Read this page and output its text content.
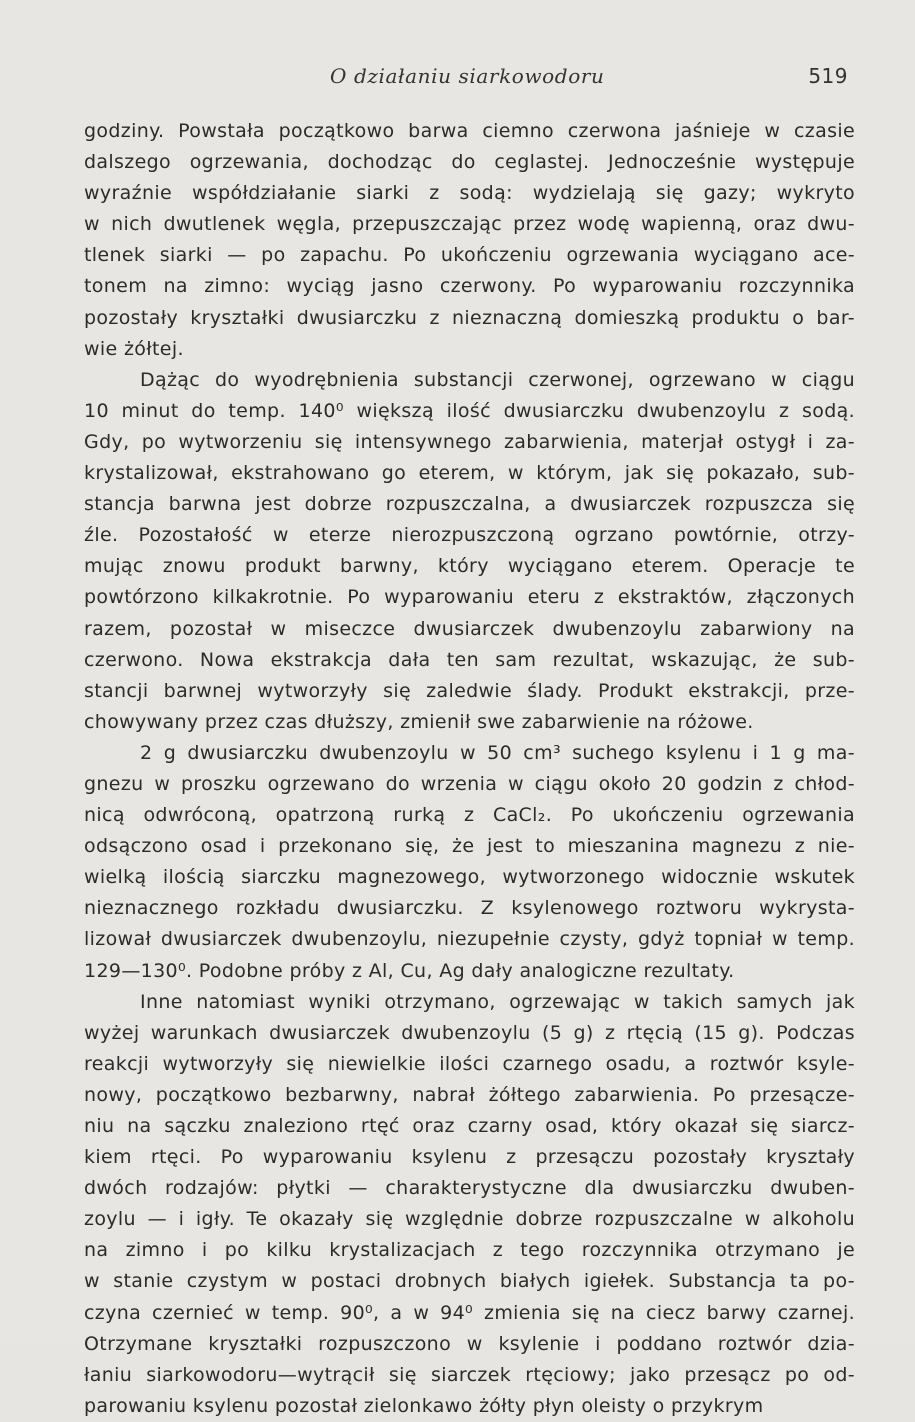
O działaniu siarkowodoru	519
godziny. Powstała początkowo barwa ciemno czerwona jaśnieje w czasie
dalszego ogrzewania, dochodząc do ceglastej. Jednocześnie występuje
wyraźnie współdziałanie siarki z sodą: wydzielają się gazy; wykryto
w nich dwutlenek węgla, przepuszczając przez wodę wapienną, oraz dwu-
tlenek siarki — po zapachu. Po ukończeniu ogrzewania wyciągano ace-
tonem na zimno: wyciąg jasno czerwony. Po wyparowaniu rozczynnika
pozostały kryształki dwusiarczku z nieznaczną domieszką produktu o bar-
wie żółtej.
Dążąc do wyodrębnienia substancji czerwonej, ogrzewano w ciągu
10 minut do temp. 140⁰ większą ilość dwusiarczku dwubenzoylu z sodą.
Gdy, po wytworzeniu się intensywnego zabarwienia, materjał ostygł i za-
krystalizował, ekstrahowano go eterem, w którym, jak się pokazało, sub-
stancja barwna jest dobrze rozpuszczalna, a dwusiarczek rozpuszcza się
źle. Pozostałość w eterze nierozpuszczoną ogrzano powtórnie, otrzy-
mując znowu produkt barwny, który wyciągano eterem. Operacje te
powtórzono kilkakrotnie. Po wyparowaniu eteru z ekstraktów, złączonych
razem, pozostał w miseczce dwusiarczek dwubenzoylu zabarwiony na
czerwono. Nowa ekstrakcja dała ten sam rezultat, wskazując, że sub-
stancji barwnej wytworzyły się zaledwie ślady. Produkt ekstrakcji, prze-
chowywany przez czas dłuższy, zmienił swe zabarwienie na różowe.
2 g dwusiarczku dwubenzoylu w 50 cm³ suchego ksylenu i 1 g ma-
gnezu w proszku ogrzewano do wrzenia w ciągu około 20 godzin z chłod-
nicą odwróconą, opatrzoną rurką z CaCl₂. Po ukończeniu ogrzewania
odsączono osad i przekonano się, że jest to mieszanina magnezu z nie-
wielką ilością siarczku magnezowego, wytworzonego widocznie wskutek
nieznacznego rozkładu dwusiarczku. Z ksylenowego roztworu wykrysta-
lizował dwusiarczek dwubenzoylu, niezupełnie czysty, gdyż topniał w temp.
129—130⁰. Podobne próby z Al, Cu, Ag dały analogiczne rezultaty.
Inne natomiast wyniki otrzymano, ogrzewając w takich samych jak
wyżej warunkach dwusiarczek dwubenzoylu (5 g) z rtęcią (15 g). Podczas
reakcji wytworzyły się niewielkie ilości czarnego osadu, a roztwór ksyle-
nowy, początkowo bezbarwny, nabrał żółtego zabarwienia. Po przesącze-
niu na sączku znaleziono rtęć oraz czarny osad, który okazał się siarcz-
kiem rtęci. Po wyparowaniu ksylenu z przesączu pozostały kryształy
dwóch rodzajów: płytki — charakterystyczne dla dwusiarczku dwuben-
zoylu — i igły. Te okazały się względnie dobrze rozpuszczalne w alkoholu
na zimno i po kilku krystalizacjach z tego rozczynnika otrzymano je
w stanie czystym w postaci drobnych białych igiełek. Substancja ta po-
czyna czernieć w temp. 90⁰, a w 94⁰ zmienia się na ciecz barwy czarnej.
Otrzymane kryształki rozpuszczono w ksylenie i poddano roztwór dzia-
łaniu siarkowodoru—wytrącił się siarczek rtęciowy; jako przesącz po od-
parowaniu ksylenu pozostał zielonkawo żółty płyn oleisty o przykrym
